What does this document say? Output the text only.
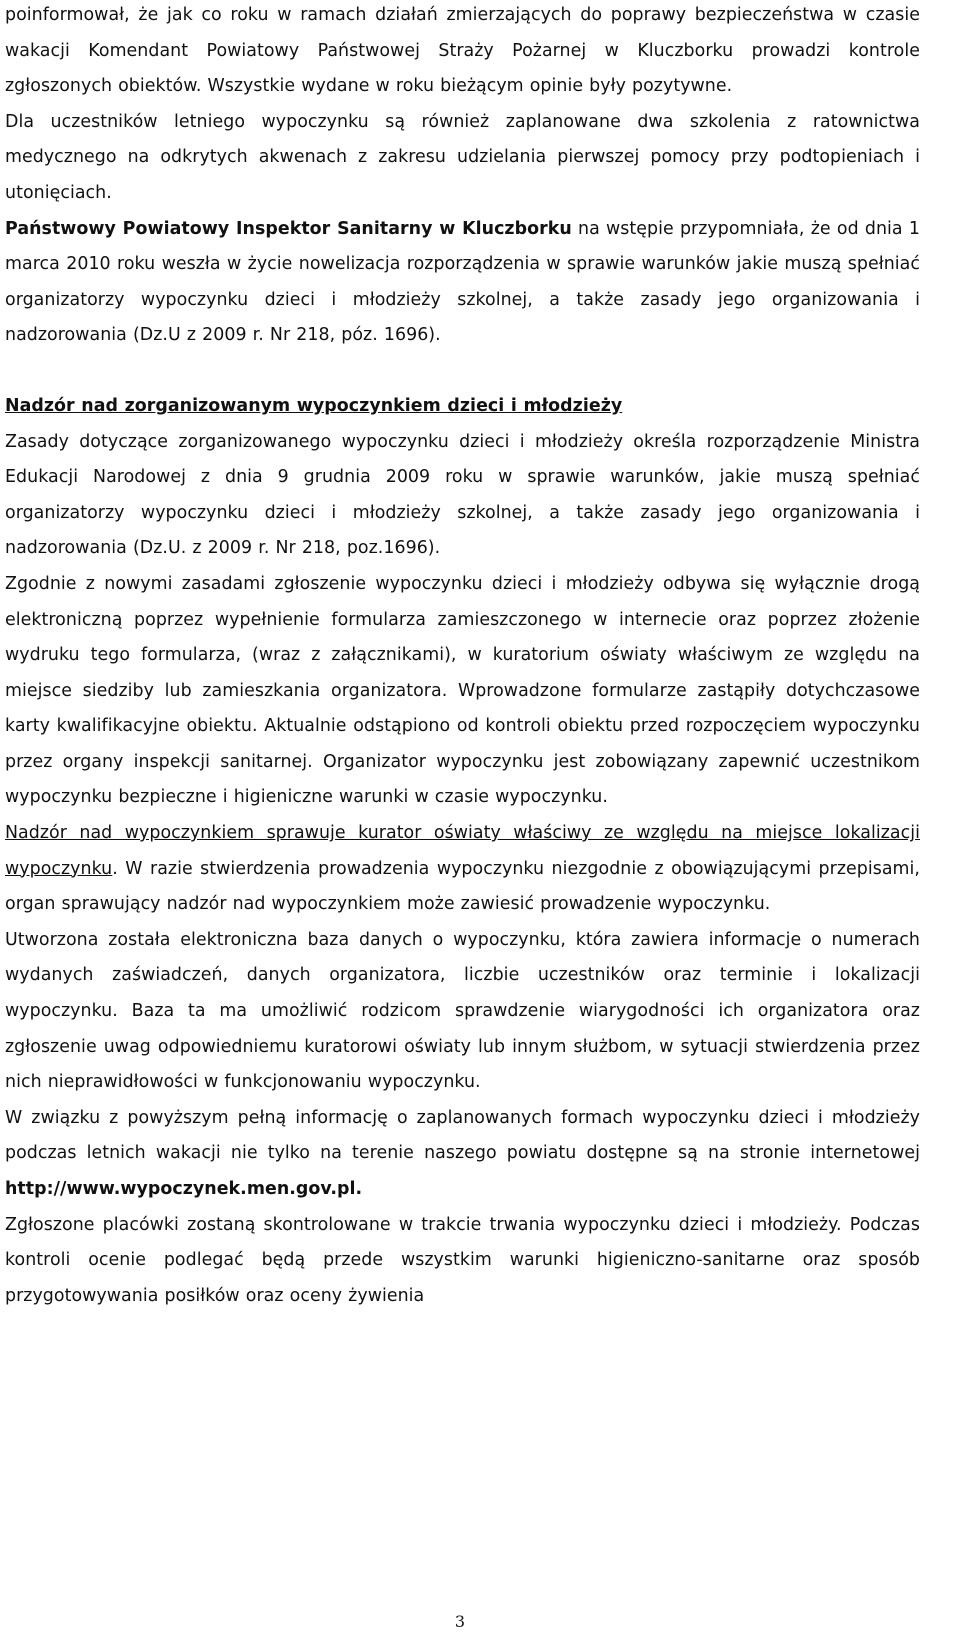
poinformował, że jak co roku w ramach działań zmierzających do poprawy bezpieczeństwa w czasie wakacji Komendant Powiatowy Państwowej Straży Pożarnej w Kluczborku prowadzi kontrole zgłoszonych obiektów. Wszystkie wydane w roku bieżącym opinie były pozytywne.

Dla uczestników letniego wypoczynku są również zaplanowane dwa szkolenia z ratownictwa medycznego na odkrytych akwenach z zakresu udzielania pierwszej pomocy przy podtopieniach i utonięciach.

Państwowy Powiatowy Inspektor Sanitarny w Kluczborku na wstępie przypomniała, że od dnia 1 marca 2010 roku weszła w życie nowelizacja rozporządzenia w sprawie warunków jakie muszą spełniać organizatorzy wypoczynku dzieci i młodzieży szkolnej, a także zasady jego organizowania i nadzorowania (Dz.U z 2009 r. Nr 218, póz. 1696).

Nadzór nad zorganizowanym wypoczynkiem dzieci i młodzieży

Zasady dotyczące zorganizowanego wypoczynku dzieci i młodzieży określa rozporządzenie Ministra Edukacji Narodowej z dnia 9 grudnia 2009 roku w sprawie warunków, jakie muszą spełniać organizatorzy wypoczynku dzieci i młodzieży szkolnej, a także zasady jego organizowania i nadzorowania (Dz.U. z 2009 r. Nr 218, poz.1696).

Zgodnie z nowymi zasadami zgłoszenie wypoczynku dzieci i młodzieży odbywa się wyłącznie drogą elektroniczną poprzez wypełnienie formularza zamieszczonego w internecie oraz poprzez złożenie wydruku tego formularza, (wraz z załącznikami), w kuratorium oświaty właściwym ze względu na miejsce siedziby lub zamieszkania organizatora. Wprowadzone formularze zastąpiły dotychczasowe karty kwalifikacyjne obiektu. Aktualnie odstąpiono od kontroli obiektu przed rozpoczęciem wypoczynku przez organy inspekcji sanitarnej. Organizator wypoczynku jest zobowiązany zapewnić uczestnikom wypoczynku bezpieczne i higieniczne warunki w czasie wypoczynku.

Nadzór nad wypoczynkiem sprawuje kurator oświaty właściwy ze względu na miejsce lokalizacji wypoczynku. W razie stwierdzenia prowadzenia wypoczynku niezgodnie z obowiązującymi przepisami, organ sprawujący nadzór nad wypoczynkiem może zawiesić prowadzenie wypoczynku.

Utworzona została elektroniczna baza danych o wypoczynku, która zawiera informacje o numerach wydanych zaświadczeń, danych organizatora, liczbie uczestników oraz terminie i lokalizacji wypoczynku. Baza ta ma umożliwić rodzicom sprawdzenie wiarygodności ich organizatora oraz zgłoszenie uwag odpowiedniemu kuratorowi oświaty lub innym służbom, w sytuacji stwierdzenia przez nich nieprawidłowości w funkcjonowaniu wypoczynku.

W związku z powyższym pełną informację o zaplanowanych formach wypoczynku dzieci i młodzieży podczas letnich wakacji nie tylko na terenie naszego powiatu dostępne są na stronie internetowej http://www.wypoczynek.men.gov.pl.

Zgłoszone placówki zostaną skontrolowane w trakcie trwania wypoczynku dzieci i młodzieży. Podczas kontroli ocenie podlegać będą przede wszystkim warunki higieniczno-sanitarne oraz sposób przygotowywania posiłków oraz oceny żywienia

3
